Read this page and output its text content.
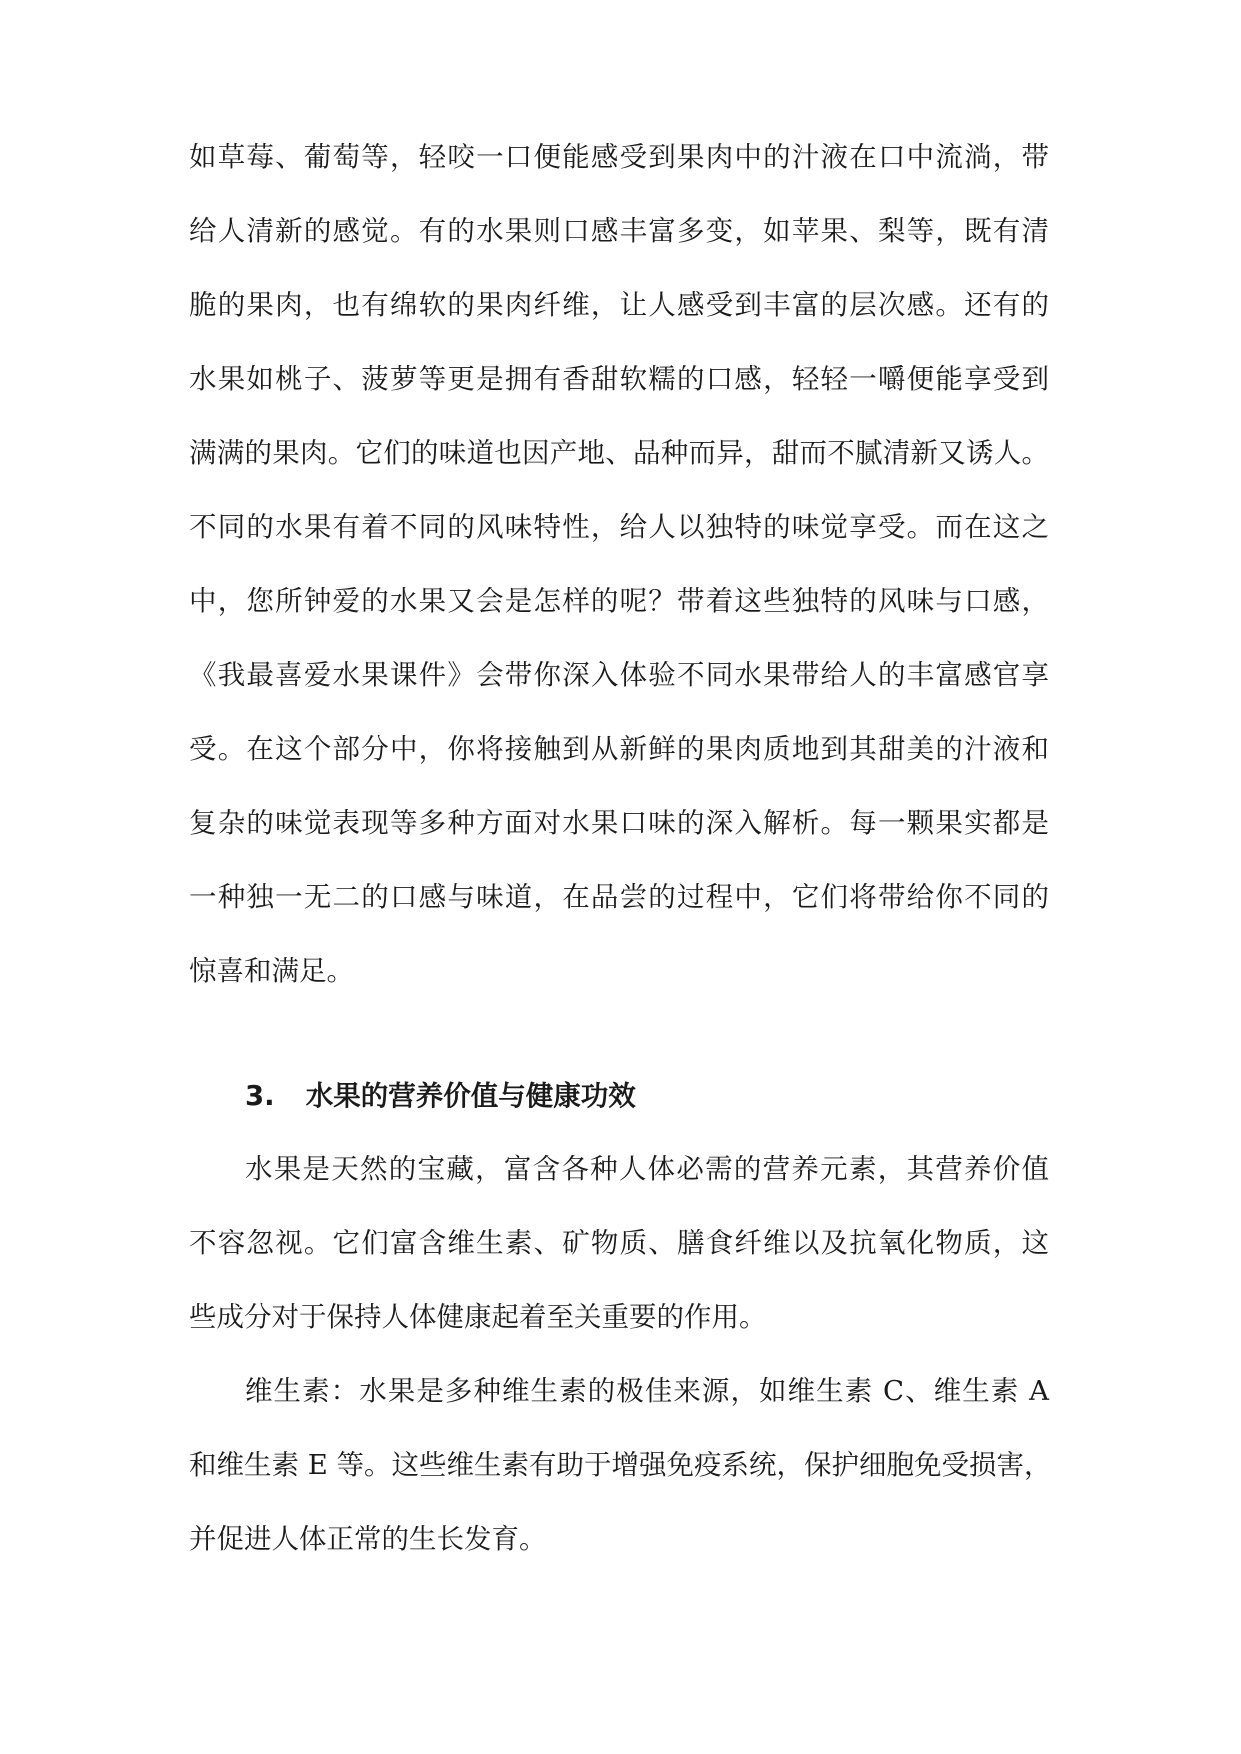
如草莓、葡萄等，轻咬一口便能感受到果肉中的汁液在口中流淌，带
给人清新的感觉。有的水果则口感丰富多变，如苹果、梨等，既有清
脆的果肉，也有绵软的果肉纤维，让人感受到丰富的层次感。还有的
水果如桃子、菠萝等更是拥有香甜软糯的口感，轻轻一嚼便能享受到
满满的果肉。它们的味道也因产地、品种而异，甜而不腻清新又诱人。
不同的水果有着不同的风味特性，给人以独特的味觉享受。而在这之
中，您所钟爱的水果又会是怎样的呢？带着这些独特的风味与口感，
《我最喜爱水果课件》会带你深入体验不同水果带给人的丰富感官享
受。在这个部分中，你将接触到从新鲜的果肉质地到其甜美的汁液和
复杂的味觉表现等多种方面对水果口味的深入解析。每一颗果实都是
一种独一无二的口感与味道，在品尝的过程中，它们将带给你不同的
惊喜和满足。
3. 水果的营养价值与健康功效
水果是天然的宝藏，富含各种人体必需的营养元素，其营养价值
不容忽视。它们富含维生素、矿物质、膳食纤维以及抗氧化物质，这
些成分对于保持人体健康起着至关重要的作用。
维生素：水果是多种维生素的极佳来源，如维生素 C、维生素 A
和维生素 E 等。这些维生素有助于增强免疫系统，保护细胞免受损害，
并促进人体正常的生长发育。
